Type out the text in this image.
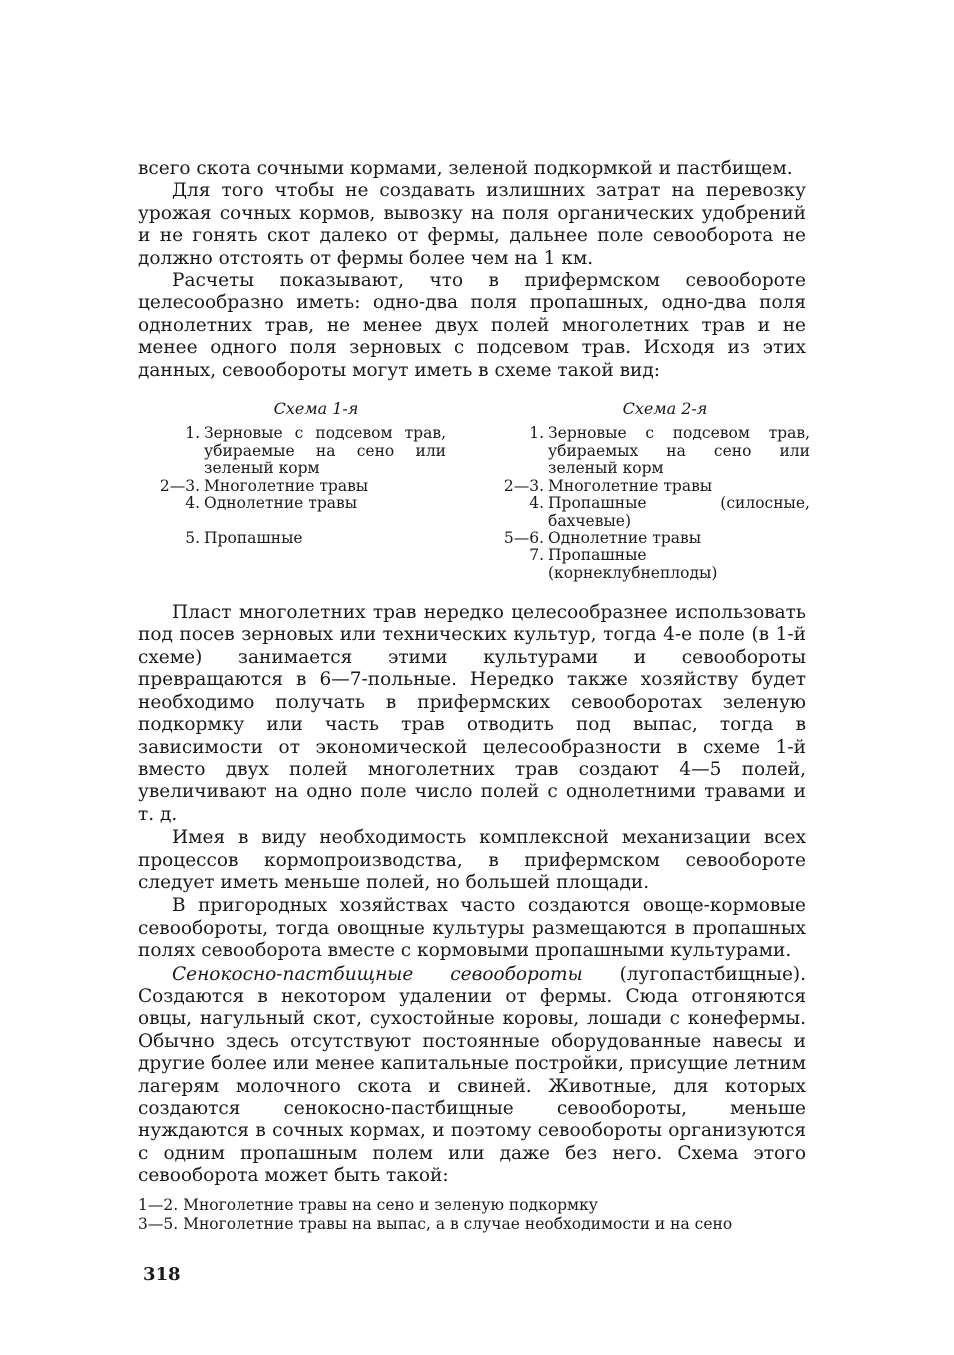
всего скота сочными кормами, зеленой подкормкой и пастбищем.

Для того чтобы не создавать излишних затрат на перевозку урожая сочных кормов, вывозку на поля органических удобрений и не гонять скот далеко от фермы, дальнее поле севооборота не должно отстоять от фермы более чем на 1 км.

Расчеты показывают, что в прифермском севообороте целесообразно иметь: одно-два поля пропашных, одно-два поля однолетних трав, не менее двух полей многолетних трав и не менее одного поля зерновых с подсевом трав. Исходя из этих данных, севообороты могут иметь в схеме такой вид:

Схема 1-я
1. Зерновые с подсевом трав, убираемые на сено или зеленый корм
2—3. Многолетние травы
4. Однолетние травы
5. Пропашные
Схема 2-я
1. Зерновые с подсевом трав, убираемых на сено или зеленый корм
2—3. Многолетние травы
4. Пропашные (силосные, бахчевые)
5—6. Однолетние травы
7. Пропашные (корнеклубнеплоды)

Пласт многолетних трав нередко целесообразнее использовать под посев зерновых или технических культур, тогда 4-е поле (в 1-й схеме) занимается этими культурами и севообороты превращаются в 6—7-польные. Нередко также хозяйству будет необходимо получать в прифермских севооборотах зеленую подкормку или часть трав отводить под выпас, тогда в зависимости от экономической целесообразности в схеме 1-й вместо двух полей многолетних трав создают 4—5 полей, увеличивают на одно поле число полей с однолетними травами и т. д.

Имея в виду необходимость комплексной механизации всех процессов кормопроизводства, в прифермском севообороте следует иметь меньше полей, но большей площади.

В пригородных хозяйствах часто создаются овоще-кормовые севообороты, тогда овощные культуры размещаются в пропашных полях севооборота вместе с кормовыми пропашными культурами.

Сенокосно-пастбищные севообороты (лугопастбищные). Создаются в некотором удалении от фермы. Сюда отгоняются овцы, нагульный скот, сухостойные коровы, лошади с конефермы. Обычно здесь отсутствуют постоянные оборудованные навесы и другие более или менее капитальные постройки, присущие летним лагерям молочного скота и свиней. Животные, для которых создаются сенокосно-пастбищные севообороты, меньше нуждаются в сочных кормах, и поэтому севообороты организуются с одним пропашным полем или даже без него. Схема этого севооборота может быть такой:

1—2. Многолетние травы на сено и зеленую подкормку
3—5. Многолетние травы на выпас, а в случае необходимости и на сено
318
